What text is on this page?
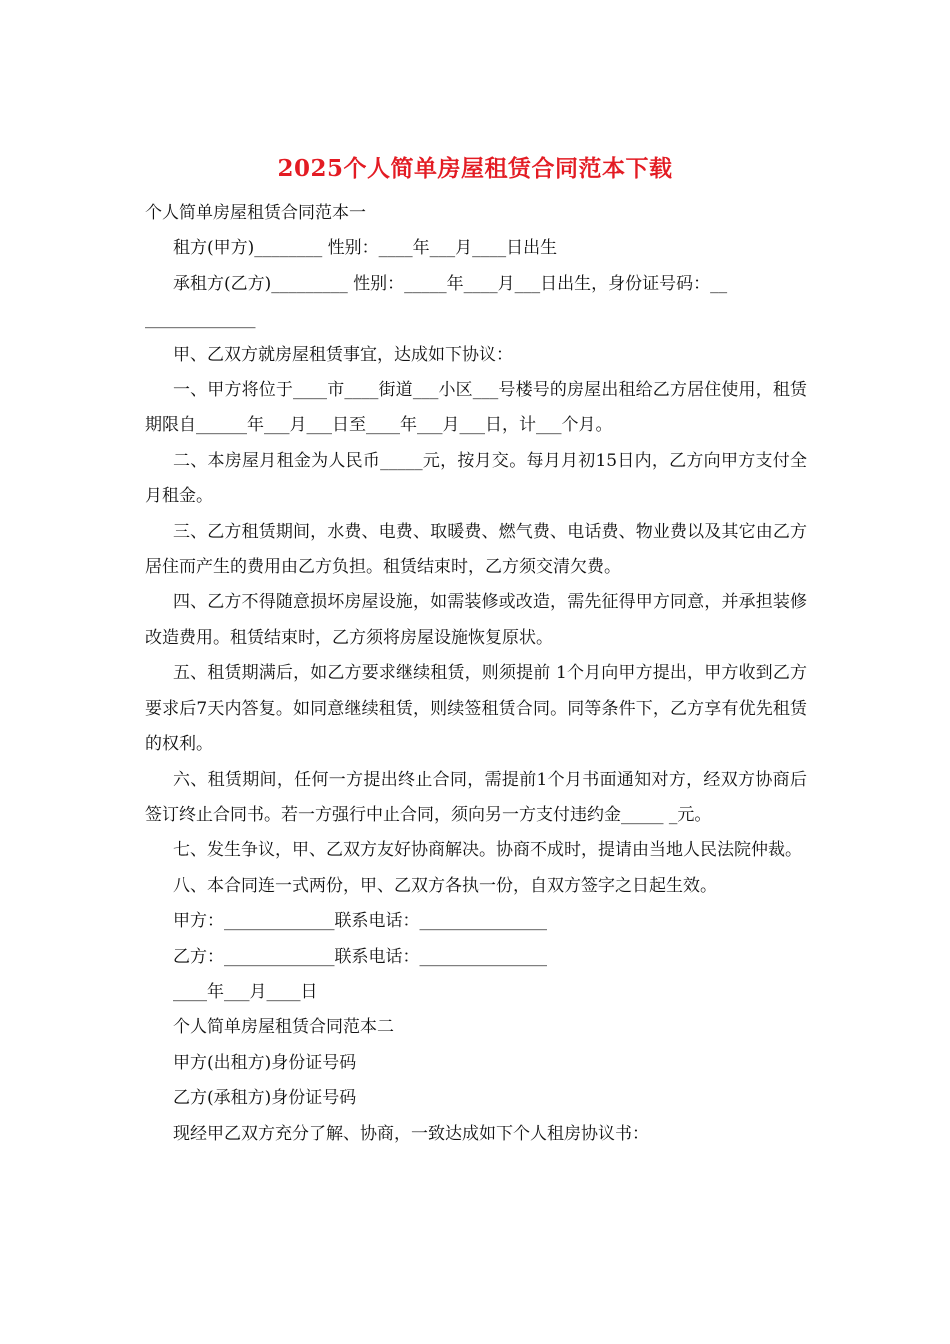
2025个人简单房屋租赁合同范本下载

个人简单房屋租赁合同范本一

租方(甲方)________ 性别：____年___月____日出生

承租方(乙方)_________ 性别：_____年____月___日出生，身份证号码：__

_____________

甲、乙双方就房屋租赁事宜，达成如下协议：

一、甲方将位于____市____街道___小区___号楼号的房屋出租给乙方居住使用，租赁期限自______年___月___日至____年___月___日，计___个月。

二、本房屋月租金为人民币_____元，按月交。每月月初15日内，乙方向甲方支付全月租金。

三、乙方租赁期间，水费、电费、取暖费、燃气费、电话费、物业费以及其它由乙方居住而产生的费用由乙方负担。租赁结束时，乙方须交清欠费。

四、乙方不得随意损坏房屋设施，如需装修或改造，需先征得甲方同意，并承担装修改造费用。租赁结束时，乙方须将房屋设施恢复原状。

五、租赁期满后，如乙方要求继续租赁，则须提前 1个月向甲方提出，甲方收到乙方要求后7天内答复。如同意继续租赁，则续签租赁合同。同等条件下，乙方享有优先租赁的权利。

六、租赁期间，任何一方提出终止合同，需提前1个月书面通知对方，经双方协商后签订终止合同书。若一方强行中止合同，须向另一方支付违约金_____ _元。

七、发生争议，甲、乙双方友好协商解决。协商不成时，提请由当地人民法院仲裁。

八、本合同连一式两份，甲、乙双方各执一份，自双方签字之日起生效。

甲方：_____________联系电话：_______________

乙方：_____________联系电话：_______________

____年___月____日

个人简单房屋租赁合同范本二

甲方(出租方)身份证号码

乙方(承租方)身份证号码

现经甲乙双方充分了解、协商，一致达成如下个人租房协议书：
